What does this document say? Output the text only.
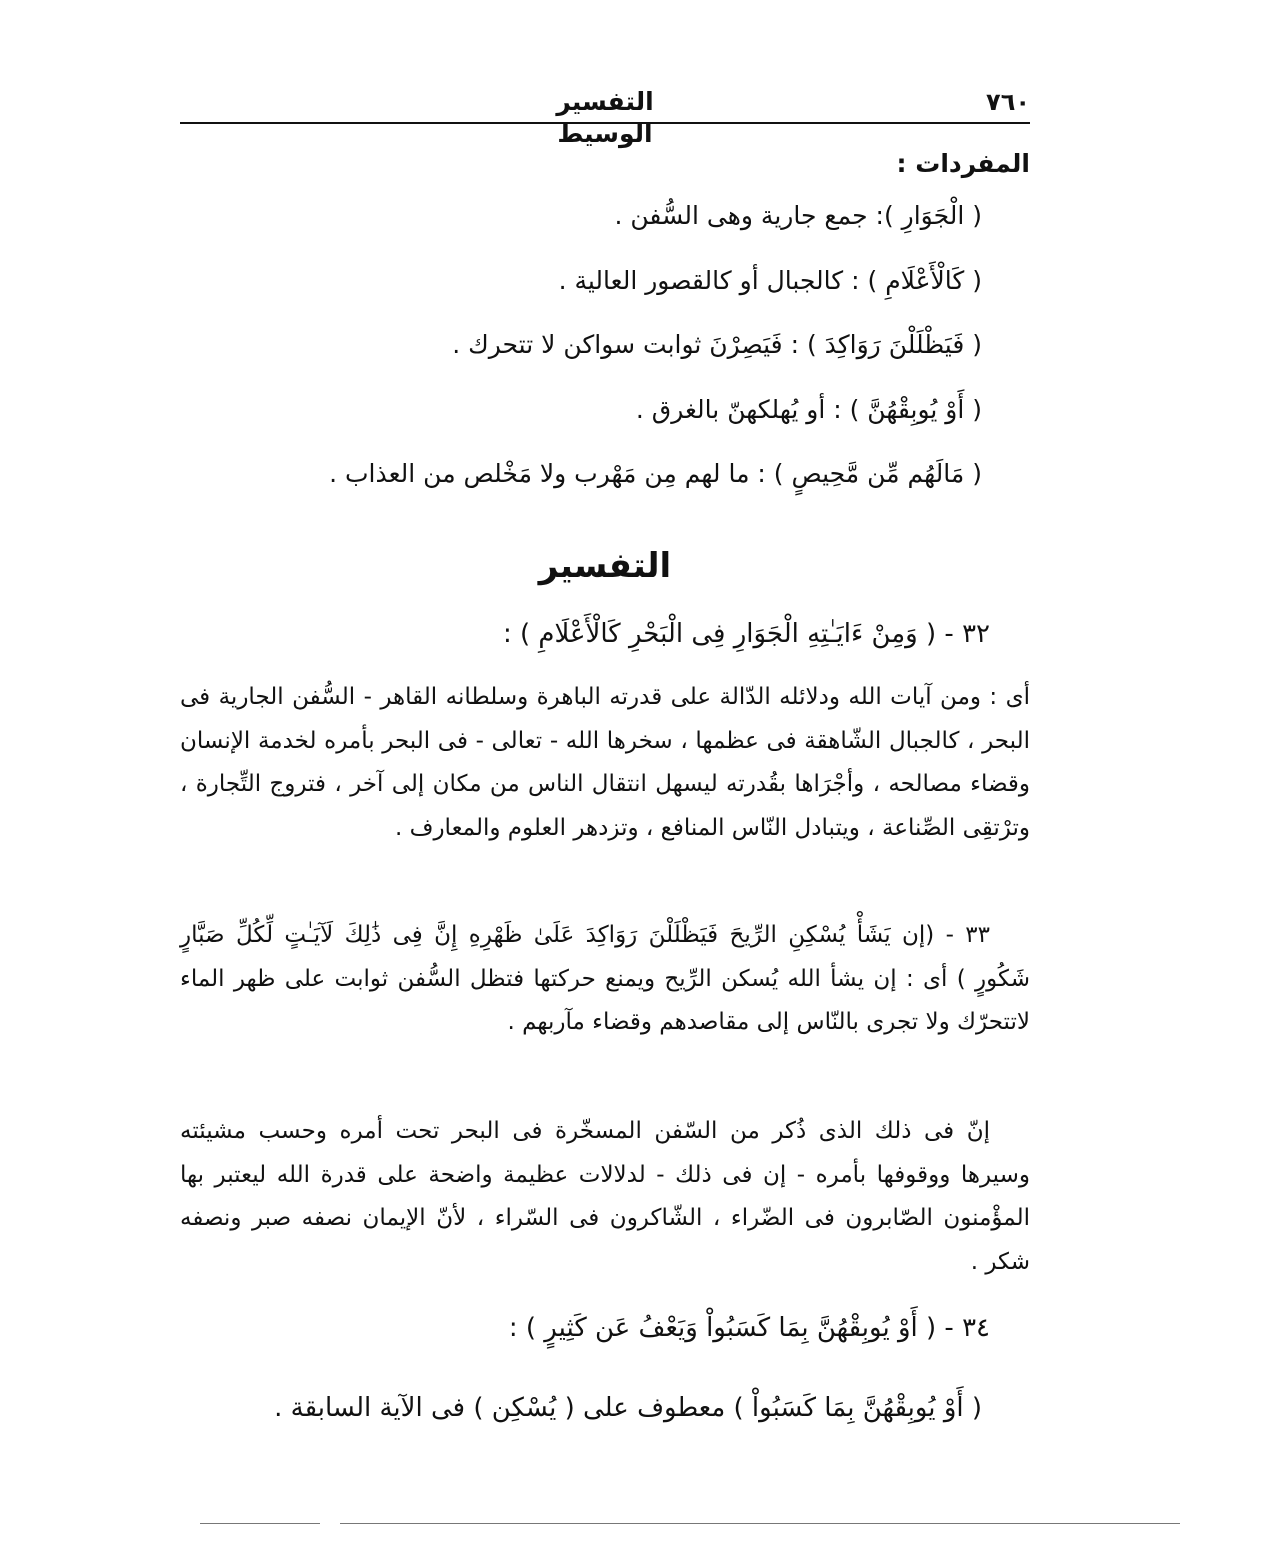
٧٦٠
التفسير الوسيط
المفردات :
( الْجَوَارِ ): جمع جارية وهى السُّفن .
( كَالْأَعْلَامِ ) : كالجبال أو كالقصور العالية .
( فَيَظْلَلْنَ رَوَاكِدَ ) : فَيَصِرْنَ ثوابت سواكن لا تتحرك .
( أَوْ يُوبِقْهُنَّ ) : أو يُهلكهنّ بالغرق .
( مَالَهُم مِّن مَّحِيصٍ ) : ما لهم مِن مَهْرب ولا مَخْلص من العذاب .
التفسير
٣٢ - ( وَمِنْ ءَايَـٰتِهِ الْجَوَارِ فِى الْبَحْرِ كَالْأَعْلَامِ ) :

أى : ومن آيات الله ودلائله الدّالة على قدرته الباهرة وسلطانه القاهر - السُّفن الجارية فى البحر ، كالجبال الشّاهقة فى عظمها ، سخرها الله - تعالى - فى البحر بأمره لخدمة الإنسان وقضاء مصالحه ، وأجْرَاها بقُدرته ليسهل انتقال الناس من مكان إلى آخر ، فتروج التِّجارة ، وترْتقِى الصِّناعة ، ويتبادل النّاس المنافع ، وتزدهر العلوم والمعارف .

٣٣ - (إن يَشَأْ يُسْكِنِ الرِّيحَ فَيَظْلَلْنَ رَوَاكِدَ عَلَىٰ ظَهْرِهِ إِنَّ فِى ذَٰلِكَ لَآيَـٰتٍ لِّكُلِّ صَبَّارٍ شَكُورٍ ) أى : إن يشأ الله يُسكن الرِّيح ويمنع حركتها فتظل السُّفن ثوابت على ظهر الماء لاتتحرّك ولا تجرى بالنّاس إلى مقاصدهم وقضاء مآربهم .

إنّ فى ذلك الذى ذُكر من السّفن المسخّرة فى البحر تحت أمره وحسب مشيئته وسيرها ووقوفها بأمره - إن فى ذلك - لدلالات عظيمة واضحة على قدرة الله ليعتبر بها المؤْمنون الصّابرون فى الضّراء ، الشّاكرون فى السّراء ، لأنّ الإيمان نصفه صبر ونصفه شكر .

٣٤ - ( أَوْ يُوبِقْهُنَّ بِمَا كَسَبُواْ وَيَعْفُ عَن كَثِيرٍ ) :
( أَوْ يُوبِقْهُنَّ بِمَا كَسَبُواْ ) معطوف على ( يُسْكِن ) فى الآية السابقة .
